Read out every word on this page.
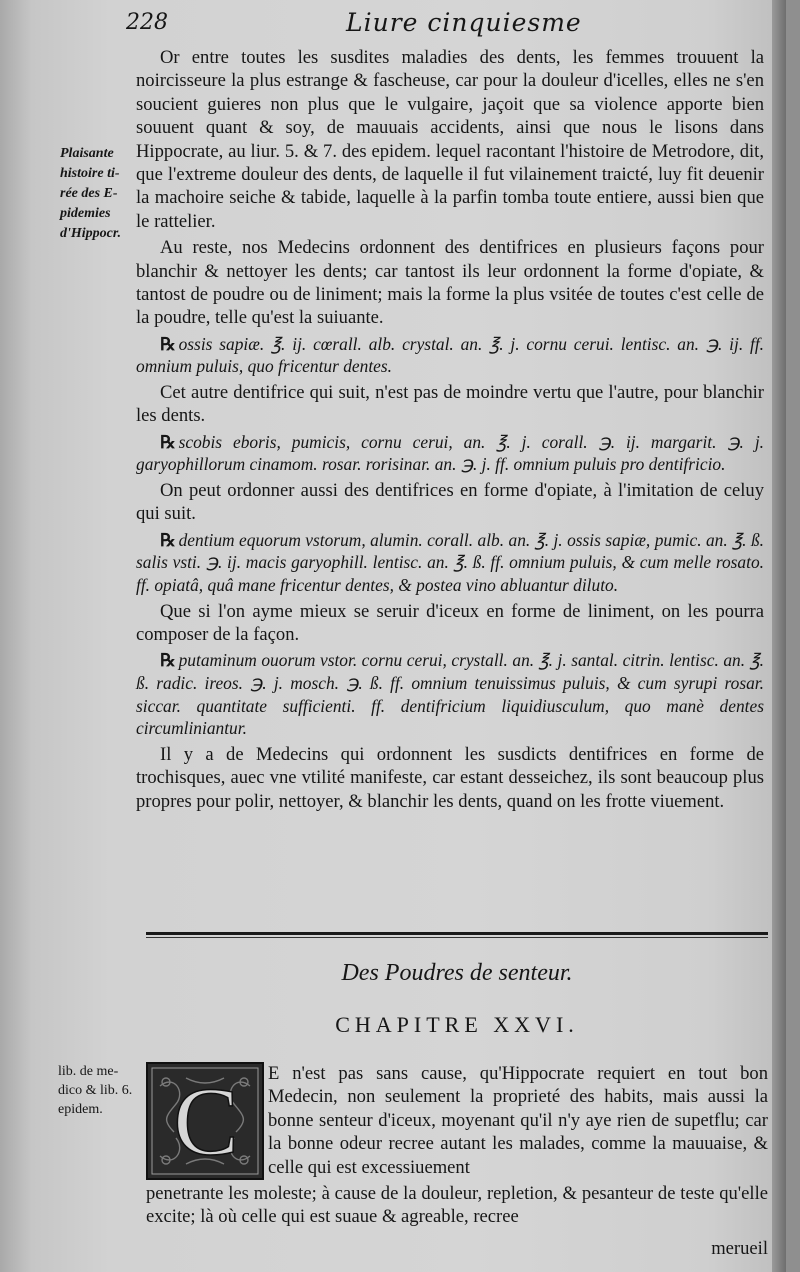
228	Liure cinquiesme
Plaisante histoire ti-rée des E-pidemies d'Hippocr.

Or entre toutes les susdites maladies des dents, les femmes trouuent la noircisseure la plus estrange & fascheuse, car pour la douleur d'icelles, elles ne s'en soucient guieres non plus que le vulgaire, jaçoit que sa violence apporte bien souuent quant & soy, de mauuais accidents, ainsi que nous le lisons dans Hippocrate, au liur. 5. & 7. des epidem. lequel racontant l'histoire de Metrodore, dit, que l'extreme douleur des dents, de laquelle il fut vilainement traicté, luy fit deuenir la machoire seiche & tabide, laquelle à la parfin tomba toute entiere, aussi bien que le rattelier.

Au reste, nos Medecins ordonnent des dentifrices en plusieurs façons pour blanchir & nettoyer les dents; car tantost ils leur ordonnent la forme d'opiate, & tantost de poudre ou de liniment; mais la forme la plus vsitée de toutes c'est celle de la poudre, telle qu'est la suiuante.

℞ ossis sapiæ. ℥. ij. cœrall. alb. crystal. an. ℥. j. cornu cerui. lentisc. an. ℈. ij. ff. omnium puluis, quo fricentur dentes.

Cet autre dentifrice qui suit, n'est pas de moindre vertu que l'autre, pour blanchir les dents.

℞ scobis eboris, pumicis, cornu cerui, an. ℥. j. corall. ℈. ij. margarit. ℈. j. garyophillorum cinamom. rosar. rorisinar. an. ℈. j. ff. omnium puluis pro dentifricio.

On peut ordonner aussi des dentifrices en forme d'opiate, à l'imitation de celuy qui suit.

℞ dentium equorum vstorum, alumin. corall. alb. an. ℥. j. ossis sapiæ, pumic. an. ℥. ß. salis vsti. ℈. ij. macis garyophill. lentisc. an. ℥. ß. ff. omnium puluis, & cum melle rosato. ff. opiatâ, quâ mane fricentur dentes, & postea vino abluantur diluto.

Que si l'on ayme mieux se seruir d'iceux en forme de liniment, on les pourra composer de la façon.

℞ putaminum ouorum vstor. cornu cerui, crystall. an. ℥. j. santal. citrin. lentisc. an. ℥. ß. radic. ireos. ℈. j. mosch. ℈. ß. ff. omnium tenuissimus puluis, & cum syrupi rosar. siccar. quantitate sufficienti. ff. dentifricium liquidiusculum, quo manè dentes circumliniantur.

Il y a de Medecins qui ordonnent les susdicts dentifrices en forme de trochisques, auec vne vtilité manifeste, car estant desseichez, ils sont beaucoup plus propres pour polir, nettoyer, & blanchir les dents, quand on les frotte viuement.

Des Poudres de senteur.
CHAPITRE XXVI.
lib. de me-dico & lib. 6. epidem. C E n'est pas sans cause, qu'Hippocrate requiert en tout bon Medecin, non seulement la proprieté des habits, mais aussi la bonne senteur d'iceux, moyenant qu'il n'y aye rien de supetflu; car la bonne odeur recree autant les malades, comme la mauuaise, & celle qui est excessiuement
penetrante les moleste; à cause de la douleur, repletion, & pesanteur de teste qu'elle excite; là où celle qui est suaue & agreable, recree
merueil
